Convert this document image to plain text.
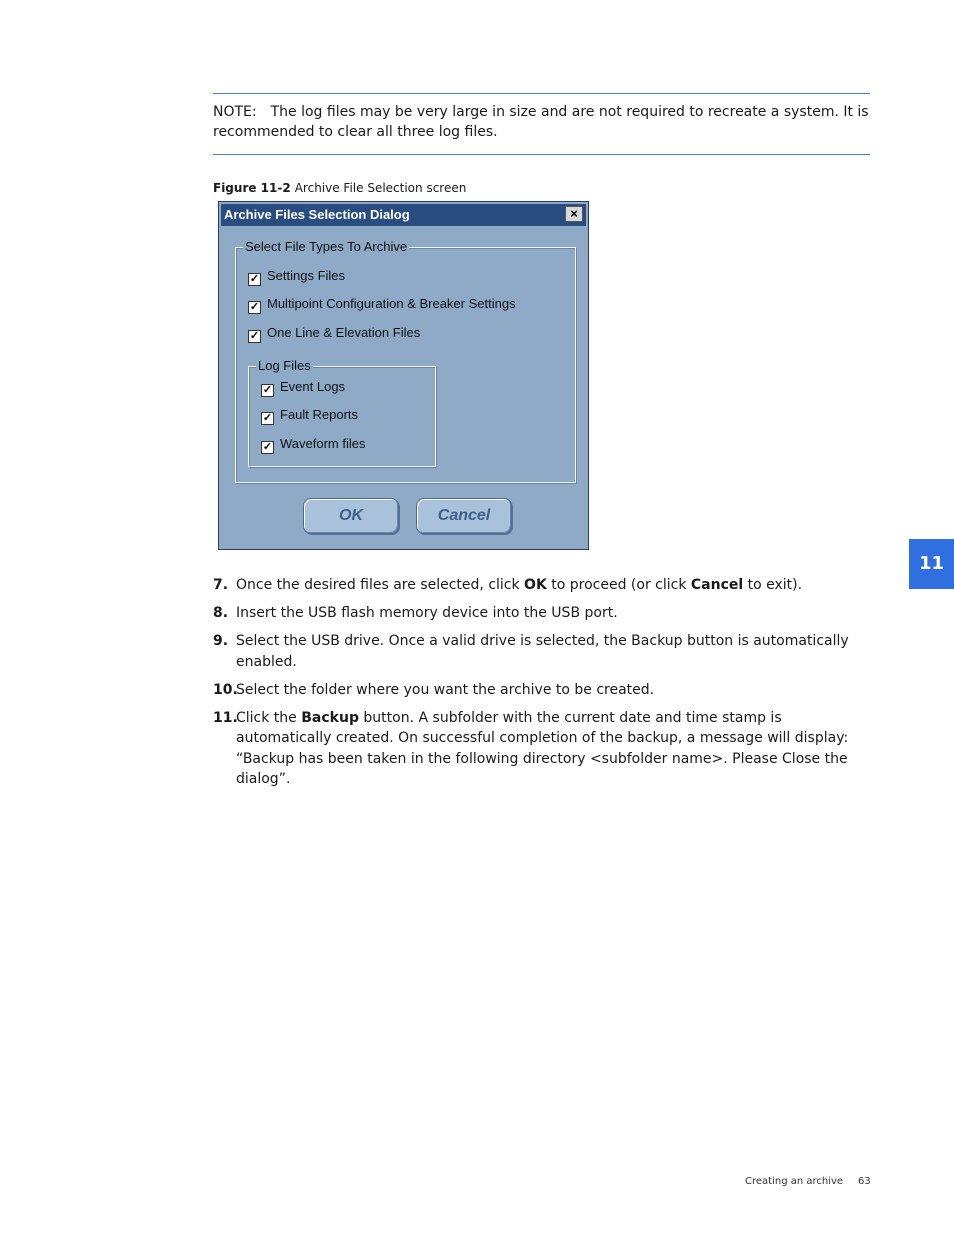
NOTE: The log files may be very large in size and are not required to recreate a system. It is recommended to clear all three log files.
Figure 11-2 Archive File Selection screen
Archive Files Selection Dialog	×
Select File Types To Archive
✓ Settings Files
✓ Multipoint Configuration & Breaker Settings
✓ One Line & Elevation Files
Log Files
✓ Event Logs
✓ Fault Reports
✓ Waveform files
OK	Cancel
7. Once the desired files are selected, click OK to proceed (or click Cancel to exit).
8. Insert the USB flash memory device into the USB port.
9. Select the USB drive. Once a valid drive is selected, the Backup button is automatically enabled.
10.
Select the folder where you want the archive to be created.
11.
Click the Backup button. A subfolder with the current date and time stamp is automatically created. On successful completion of the backup, a message will display: “Backup has been taken in the following directory <subfolder name>. Please Close the dialog”.
11
Creating an archive 63
